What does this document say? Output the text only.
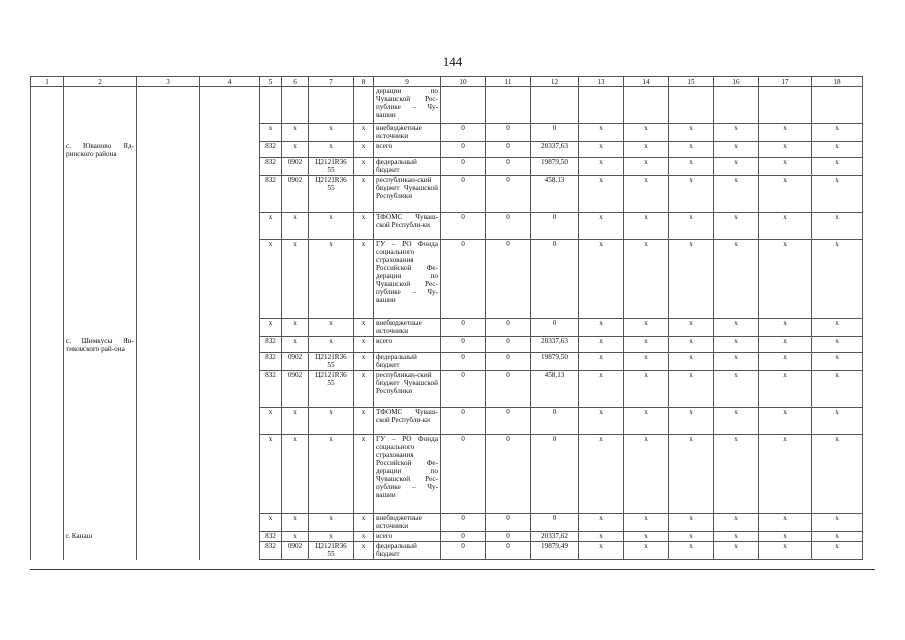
144
1	2	3	4	5	6	7	8	9	10	11	12	13	14	15	16	17	18
								дерации по Чувашской Рес-публике – Чу-вашии									
				х	х	х	х	внебюджетные источники	0	0	0	х	х	х	х	х	х
	с. Юваново Яд-ринского района			832	х	х	х	всего	0	0	20337,63	х	х	х	х	х	х
				832	0902	Ц2121R36 55	х	федеральный бюджет	0	0	19879,50	х	х	х	х	х	х
				832	0902	Ц2121R36 55	х	республикан-ский бюджет Чувашской Республики	0	0	458,13	х	х	х	х	х	х
				х	х	х	х	ТФОМС Чуваш-ской Республи-ки	0	0	0	х	х	х	х	х	х
				х	х	х	х	ГУ – РО Фонда социального страхования Российской Фе-дерации по Чувашской Рес-публике – Чу-вашии	0	0	0	х	х	х	х	х	х
				х	х	х	х	внебюджетные источники	0	0	0	х	х	х	х	х	х
	с. Шимкусы Ян-тиковского рай-она			832	х	х	х	всего	0	0	20337,63	х	х	х	х	х	х
				832	0902	Ц2121R36 55	х	федеральный бюджет	0	0	19879,50	х	х	х	х	х	х
				832	0902	Ц2121R36 55	х	республикан-ский бюджет Чувашской Республики	0	0	458,13	х	х	х	х	х	х
				х	х	х	х	ТФОМС Чуваш-ской Республи-ки	0	0	0	х	х	х	х	х	х
				х	х	х	х	ГУ – РО Фонда социального страхования Российской Фе-дерации по Чувашской Рес-публике – Чу-вашии	0	0	0	х	х	х	х	х	х
				х	х	х	х	внебюджетные источники	0	0	0	х	х	х	х	х	х
	г. Канаш			832	х	х	х	всего	0	0	20337,62	х	х	х	х	х	х
				832	0902	Ц2121R36 55	х	федеральный бюджет	0	0	19879,49	х	х	х	х	х	х
